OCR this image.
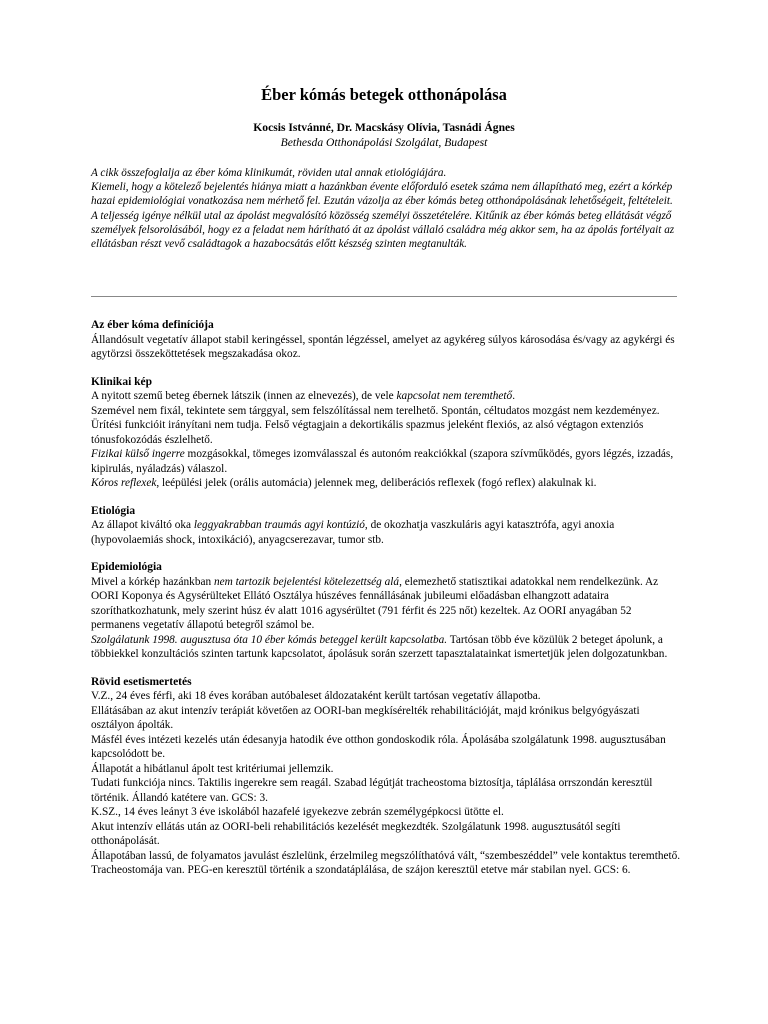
Éber kómás betegek otthonápolása
Kocsis Istvánné, Dr. Macskásy Olívia, Tasnádi Ágnes
Bethesda Otthonápolási Szolgálat, Budapest

A cikk összefoglalja az éber kóma klinikumát, röviden utal annak etiológiájára.

Kiemeli, hogy a kötelező bejelentés hiánya miatt a hazánkban évente előforduló esetek száma nem állapítható meg, ezért a kórkép hazai epidemiológiai vonatkozása nem mérhető fel. Ezután vázolja az éber kómás beteg otthonápolásának lehetőségeit, feltételeit.

A teljesség igénye nélkül utal az ápolást megvalósító közösség személyi összetételére. Kitűnik az éber kómás beteg ellátását végző személyek felsorolásából, hogy ez a feladat nem hárítható át az ápolást vállaló családra még akkor sem, ha az ápolás fortélyait az ellátásban részt vevő családtagok a hazabocsátás előtt készség szinten megtanulták.

Az éber kóma definíciója

Állandósult vegetatív állapot stabil keringéssel, spontán légzéssel, amelyet az agykéreg súlyos károsodása és/vagy az agykérgi és agytörzsi összeköttetések megszakadása okoz.

Klinikai kép

A nyitott szemű beteg ébernek látszik (innen az elnevezés), de vele kapcsolat nem teremthető.

Szemével nem fixál, tekintete sem tárggyal, sem felszólítással nem terelhető. Spontán, céltudatos mozgást nem kezdeményez. Ürítési funkcióit irányítani nem tudja. Felső végtagjain a dekortikális spazmus jeleként flexiós, az alsó végtagon extenziós tónusfokozódás észlelhető.

Fizikai külső ingerre mozgásokkal, tömeges izomválasszal és autonóm reakciókkal (szapora szívműködés, gyors légzés, izzadás, kipirulás, nyáladzás) válaszol.

Kóros reflexek, leépülési jelek (orális automácia) jelennek meg, deliberációs reflexek (fogó reflex) alakulnak ki.

Etiológia

Az állapot kiváltó oka leggyakrabban traumás agyi kontúzió, de okozhatja vaszkuláris agyi katasztrófa, agyi anoxia (hypovolaemiás shock, intoxikáció), anyagcserezavar, tumor stb.

Epidemiológia

Mivel a kórkép hazánkban nem tartozik bejelentési kötelezettség alá, elemezhető statisztikai adatokkal nem rendelkezünk. Az OORI Koponya és Agysérülteket Ellátó Osztálya húszéves fennállásának jubileumi előadásban elhangzott adataira szoríthatkozhatunk, mely szerint húsz év alatt 1016 agysérültet (791 férfit és 225 nőt) kezeltek. Az OORI anyagában 52 permanens vegetatív állapotú betegről számol be.

Szolgálatunk 1998. augusztusa óta 10 éber kómás beteggel került kapcsolatba. Tartósan több éve közülük 2 beteget ápolunk, a többiekkel konzultációs szinten tartunk kapcsolatot, ápolásuk során szerzett tapasztalatainkat ismertetjük jelen dolgozatunkban.

Rövid esetismertetés

V.Z., 24 éves férfi, aki 18 éves korában autóbaleset áldozataként került tartósan vegetatív állapotba.

Ellátásában az akut intenzív terápiát követően az OORI-ban megkísérelték rehabilitációját, majd krónikus belgyógyászati osztályon ápolták.

Másfél éves intézeti kezelés után édesanyja hatodik éve otthon gondoskodik róla. Ápolásába szolgálatunk 1998. augusztusában kapcsolódott be.

Állapotát a hibátlanul ápolt test kritériumai jellemzik.

Tudati funkciója nincs. Taktilis ingerekre sem reagál. Szabad légútját tracheostoma biztosítja, táplálása orrszondán keresztül történik. Állandó katétere van. GCS: 3.

K.SZ., 14 éves leányt 3 éve iskolából hazafelé igyekezve zebrán személygépkocsi ütötte el.

Akut intenzív ellátás után az OORI-beli rehabilitációs kezelését megkezdték. Szolgálatunk 1998. augusztusától segíti otthonápolását.

Állapotában lassú, de folyamatos javulást észlelünk, érzelmileg megszólíthatóvá vált, “szembeszéddel” vele kontaktus teremthető. Tracheostomája van. PEG-en keresztül történik a szondatáplálása, de szájon keresztül etetve már stabilan nyel. GCS: 6.
